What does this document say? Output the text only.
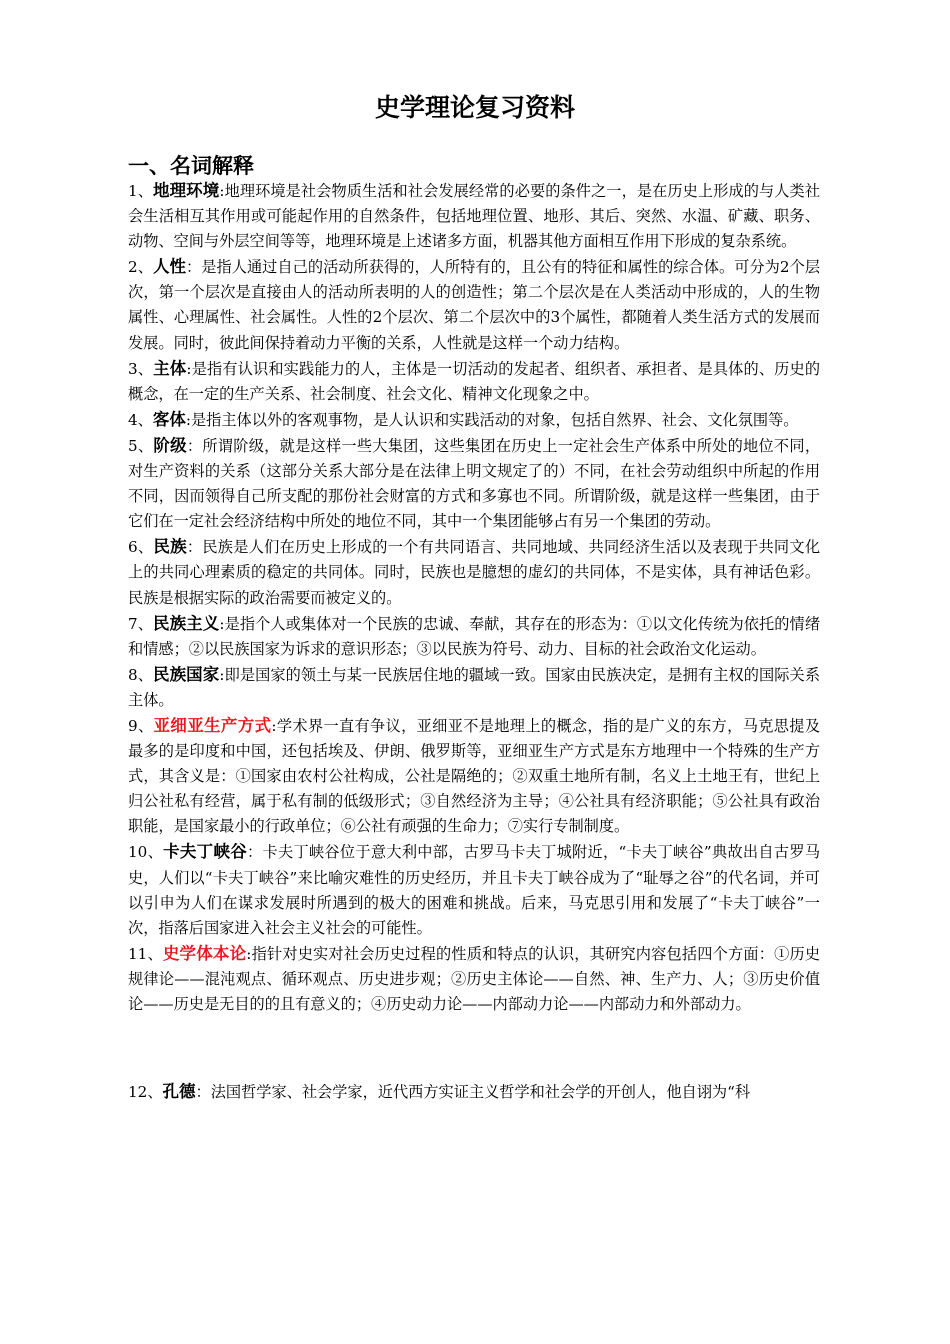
史学理论复习资料
一、名词解释

1、地理环境:地理环境是社会物质生活和社会发展经常的必要的条件之一，是在历史上形成的与人类社会生活相互其作用或可能起作用的自然条件，包括地理位置、地形、其后、突然、水温、矿藏、职务、动物、空间与外层空间等等，地理环境是上述诸多方面，机器其他方面相互作用下形成的复杂系统。

2、人性：是指人通过自己的活动所获得的，人所特有的，且公有的特征和属性的综合体。可分为2个层次，第一个层次是直接由人的活动所表明的人的创造性；第二个层次是在人类活动中形成的，人的生物属性、心理属性、社会属性。人性的2个层次、第二个层次中的3个属性，都随着人类生活方式的发展而发展。同时，彼此间保持着动力平衡的关系，人性就是这样一个动力结构。

3、主体:是指有认识和实践能力的人，主体是一切活动的发起者、组织者、承担者、是具体的、历史的概念，在一定的生产关系、社会制度、社会文化、精神文化现象之中。

4、客体:是指主体以外的客观事物，是人认识和实践活动的对象，包括自然界、社会、文化氛围等。

5、阶级：所谓阶级，就是这样一些大集团，这些集团在历史上一定社会生产体系中所处的地位不同，对生产资料的关系（这部分关系大部分是在法律上明文规定了的）不同，在社会劳动组织中所起的作用不同，因而领得自己所支配的那份社会财富的方式和多寡也不同。所谓阶级，就是这样一些集团，由于它们在一定社会经济结构中所处的地位不同，其中一个集团能够占有另一个集团的劳动。

6、民族：民族是人们在历史上形成的一个有共同语言、共同地域、共同经济生活以及表现于共同文化上的共同心理素质的稳定的共同体。同时，民族也是臆想的虚幻的共同体，不是实体，具有神话色彩。民族是根据实际的政治需要而被定义的。

7、民族主义:是指个人或集体对一个民族的忠诚、奉献，其存在的形态为：①以文化传统为依托的情绪和情感；②以民族国家为诉求的意识形态；③以民族为符号、动力、目标的社会政治文化运动。

8、民族国家:即是国家的领土与某一民族居住地的疆域一致。国家由民族决定，是拥有主权的国际关系主体。

9、亚细亚生产方式:学术界一直有争议，亚细亚不是地理上的概念，指的是广义的东方，马克思提及最多的是印度和中国，还包括埃及、伊朗、俄罗斯等，亚细亚生产方式是东方地理中一个特殊的生产方式，其含义是：①国家由农村公社构成，公社是隔绝的；②双重土地所有制，名义上土地王有，世纪上归公社私有经营，属于私有制的低级形式；③自然经济为主导；④公社具有经济职能；⑤公社具有政治职能，是国家最小的行政单位；⑥公社有顽强的生命力；⑦实行专制制度。

10、卡夫丁峡谷：卡夫丁峡谷位于意大利中部，古罗马卡夫丁城附近，“卡夫丁峡谷”典故出自古罗马史，人们以“卡夫丁峡谷”来比喻灾难性的历史经历，并且卡夫丁峡谷成为了“耻辱之谷”的代名词，并可以引申为人们在谋求发展时所遇到的极大的困难和挑战。后来，马克思引用和发展了“卡夫丁峡谷”一次，指落后国家进入社会主义社会的可能性。

11、史学体本论:指针对史实对社会历史过程的性质和特点的认识，其研究内容包括四个方面：①历史规律论——混沌观点、循环观点、历史进步观；②历史主体论——自然、神、生产力、人；③历史价值论——历史是无目的的且有意义的；④历史动力论——内部动力论——内部动力和外部动力。

12、孔德：法国哲学家、社会学家，近代西方实证主义哲学和社会学的开创人，他自诩为“科
